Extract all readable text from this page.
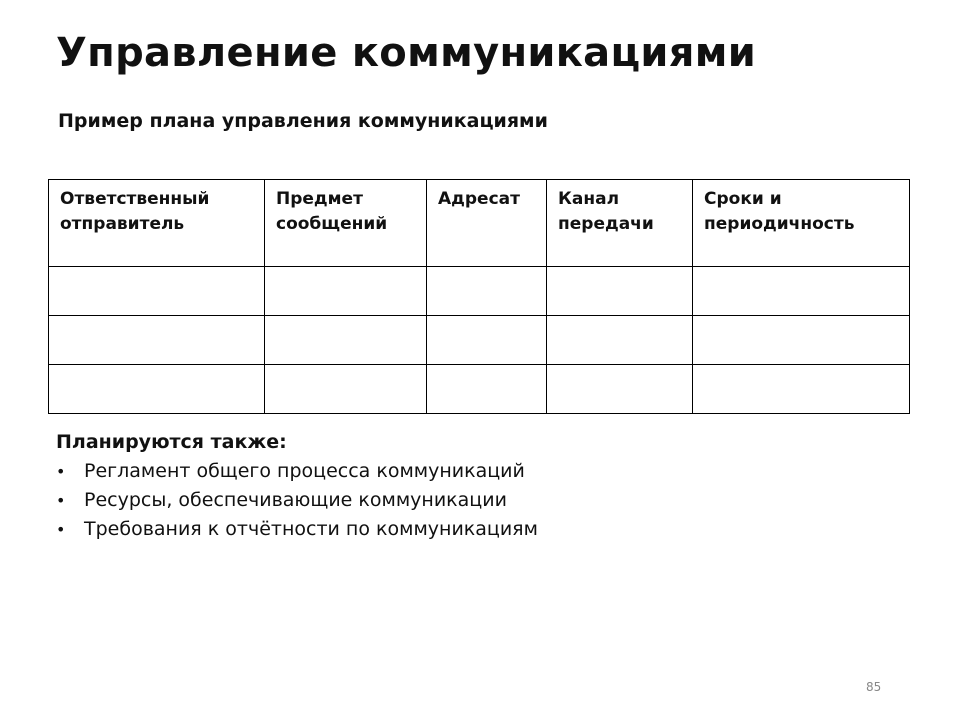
Управление коммуникациями
Пример плана управления коммуникациями
Ответственный отправитель	Предмет сообщений	Адресат	Канал передачи	Сроки и периодичность

Планируются также:
• Регламент общего процесса коммуникаций
• Ресурсы, обеспечивающие коммуникации
• Требования к отчётности по коммуникациям
85
